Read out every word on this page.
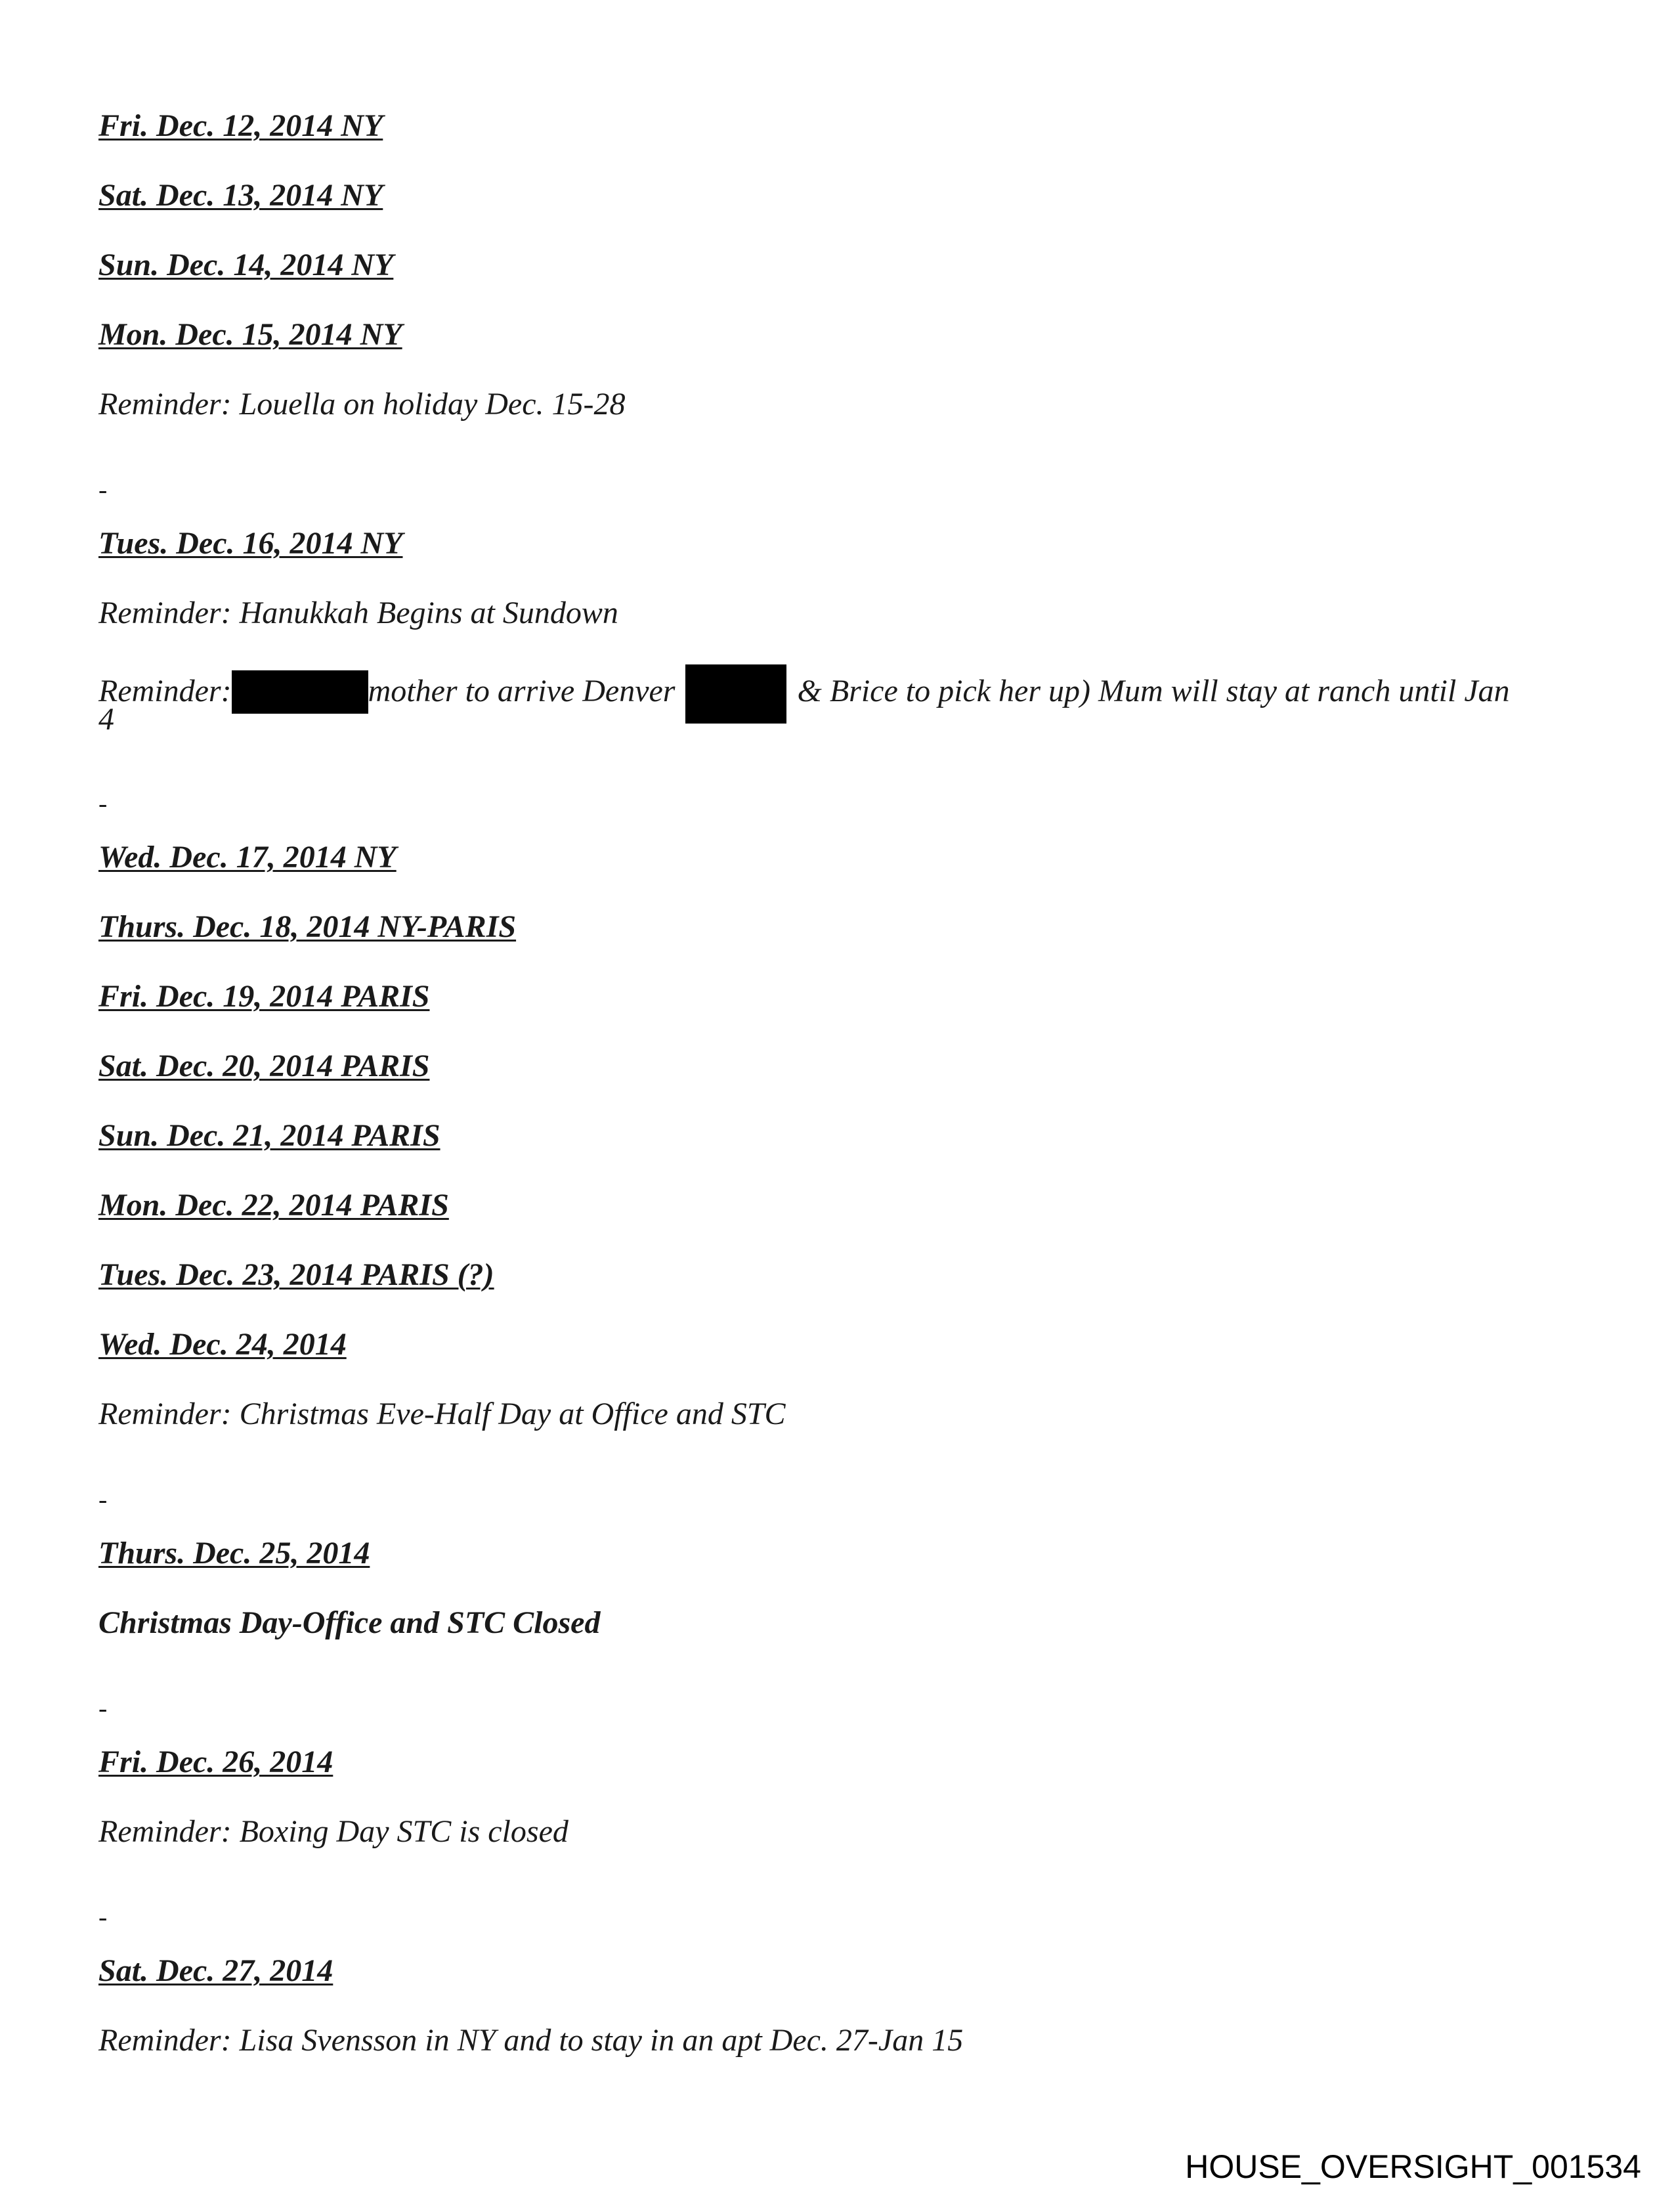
Fri. Dec. 12, 2014 NY
Sat. Dec. 13, 2014 NY
Sun. Dec. 14, 2014 NY
Mon. Dec. 15, 2014 NY
Reminder: Louella on holiday Dec. 15-28
-
Tues. Dec. 16, 2014 NY
Reminder: Hanukkah Begins at Sundown
Reminder:	mother to arrive Denver	& Brice to pick her up) Mum will stay at ranch until Jan
4
-
Wed. Dec. 17, 2014 NY
Thurs. Dec. 18, 2014 NY-PARIS
Fri. Dec. 19, 2014 PARIS
Sat. Dec. 20, 2014 PARIS
Sun. Dec. 21, 2014 PARIS
Mon. Dec. 22, 2014 PARIS
Tues. Dec. 23, 2014 PARIS (?)
Wed. Dec. 24, 2014
Reminder: Christmas Eve-Half Day at Office and STC
-
Thurs. Dec. 25, 2014
Christmas Day-Office and STC Closed
-
Fri. Dec. 26, 2014
Reminder: Boxing Day STC is closed
-
Sat. Dec. 27, 2014
Reminder: Lisa Svensson in NY and to stay in an apt Dec. 27-Jan 15
HOUSE_OVERSIGHT_001534
